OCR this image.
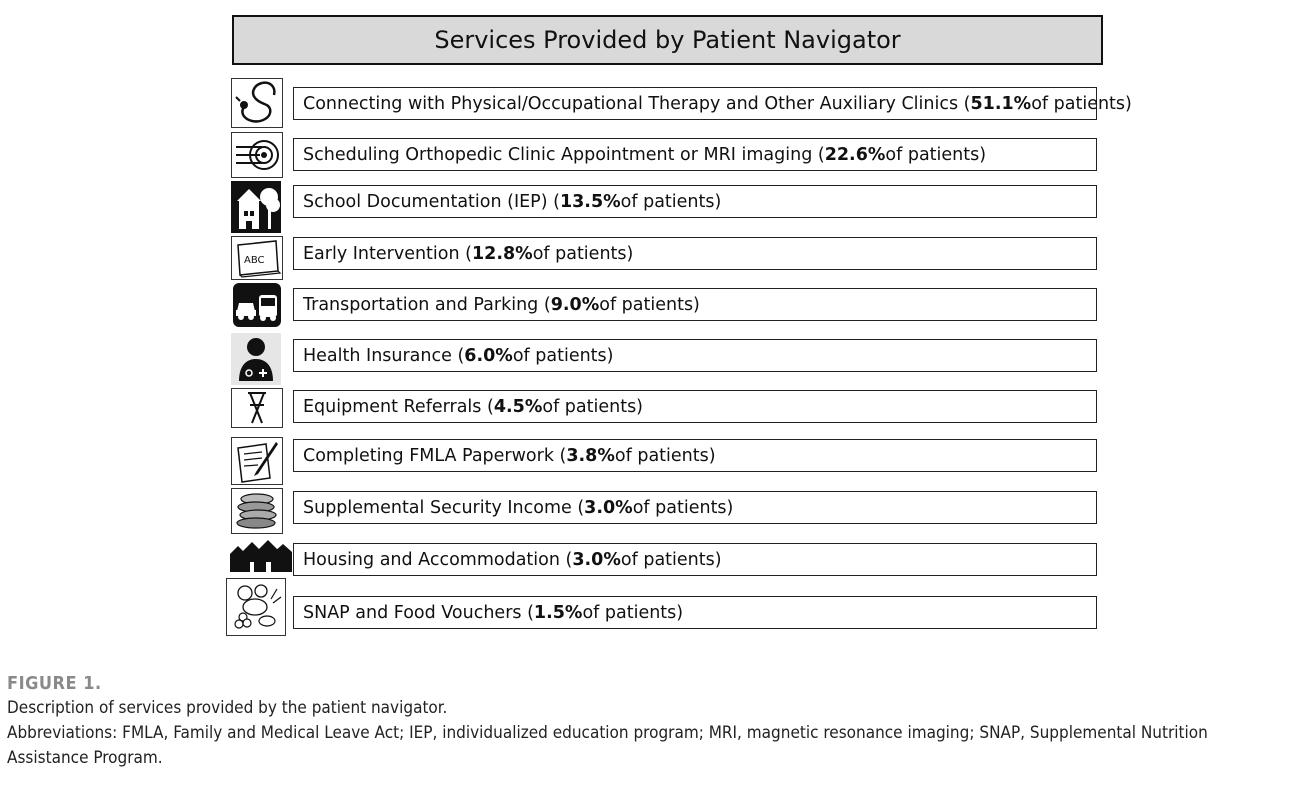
Services Provided by Patient Navigator
Connecting with Physical/Occupational Therapy and Other Auxiliary Clinics ( 51.1% of patients)
Scheduling Orthopedic Clinic Appointment or MRI imaging ( 22.6% of patients)
School Documentation (IEP) ( 13.5% of patients)
ABC Early Intervention ( 12.8% of patients)
Transportation and Parking ( 9.0% of patients)
Health Insurance ( 6.0% of patients)
Equipment Referrals ( 4.5% of patients)
Completing FMLA Paperwork ( 3.8% of patients)
Supplemental Security Income ( 3.0% of patients)
Housing and Accommodation ( 3.0% of patients)
SNAP and Food Vouchers ( 1.5% of patients)
FIGURE 1.
Description of services provided by the patient navigator.
Abbreviations: FMLA, Family and Medical Leave Act; IEP, individualized education program; MRI, magnetic resonance imaging; SNAP, Supplemental Nutrition Assistance Program.
